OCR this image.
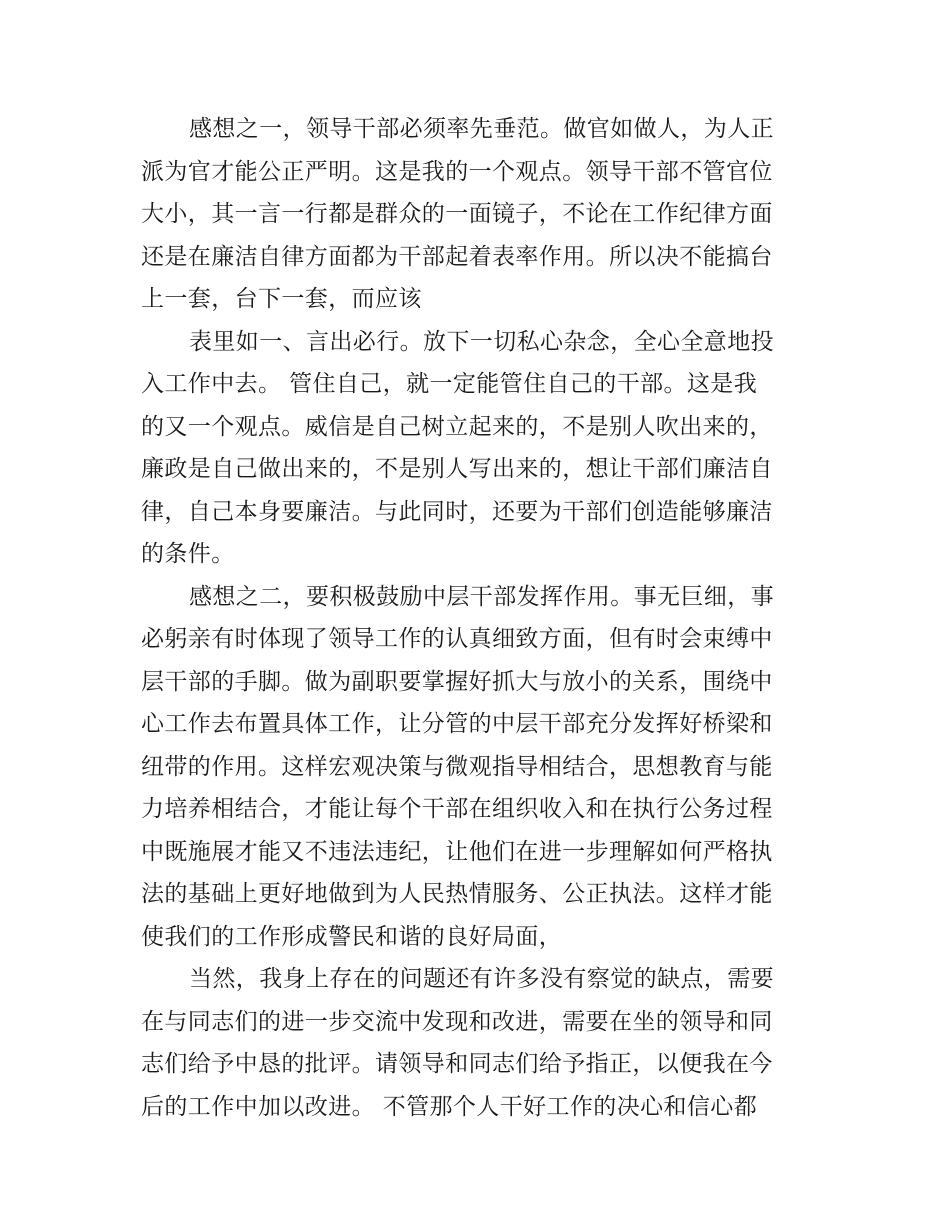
感想之一，领导干部必须率先垂范。做官如做人，为人正
派为官才能公正严明。这是我的一个观点。领导干部不管官位
大小，其一言一行都是群众的一面镜子，不论在工作纪律方面
还是在廉洁自律方面都为干部起着表率作用。所以决不能搞台
上一套，台下一套，而应该
表里如一、言出必行。放下一切私心杂念，全心全意地投
入工作中去。 管住自己，就一定能管住自己的干部。这是我
的又一个观点。威信是自己树立起来的，不是别人吹出来的，
廉政是自己做出来的，不是别人写出来的，想让干部们廉洁自
律，自己本身要廉洁。与此同时，还要为干部们创造能够廉洁
的条件。
感想之二，要积极鼓励中层干部发挥作用。事无巨细，事
必躬亲有时体现了领导工作的认真细致方面，但有时会束缚中
层干部的手脚。做为副职要掌握好抓大与放小的关系，围绕中
心工作去布置具体工作，让分管的中层干部充分发挥好桥梁和
纽带的作用。这样宏观决策与微观指导相结合，思想教育与能
力培养相结合，才能让每个干部在组织收入和在执行公务过程
中既施展才能又不违法违纪，让他们在进一步理解如何严格执
法的基础上更好地做到为人民热情服务、公正执法。这样才能
使我们的工作形成警民和谐的良好局面，
当然，我身上存在的问题还有许多没有察觉的缺点，需要
在与同志们的进一步交流中发现和改进，需要在坐的领导和同
志们给予中恳的批评。请领导和同志们给予指正，以便我在今
后的工作中加以改进。 不管那个人干好工作的决心和信心都
